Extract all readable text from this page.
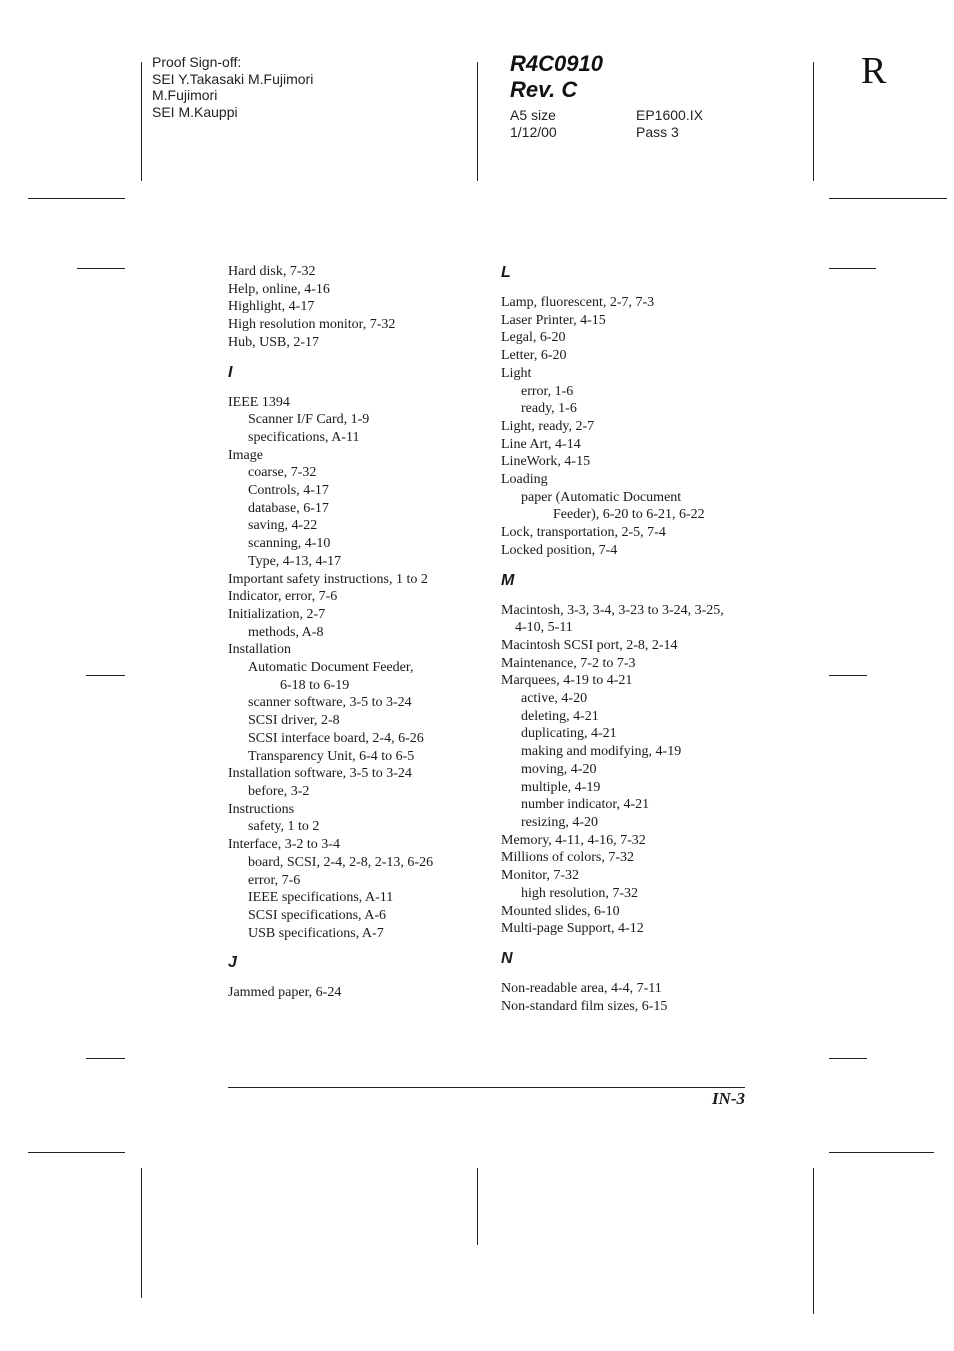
Proof Sign-off:
SEI Y.Takasaki M.Fujimori
M.Fujimori
SEI M.Kauppi
R4C0910
Rev. C
A5 size
1/12/00
EP1600.IX
Pass 3
R
Hard disk, 7-32
Help, online, 4-16
Highlight, 4-17
High resolution monitor, 7-32
Hub, USB, 2-17
I
IEEE 1394
Scanner I/F Card, 1-9
specifications, A-11
Image
coarse, 7-32
Controls, 4-17
database, 6-17
saving, 4-22
scanning, 4-10
Type, 4-13, 4-17
Important safety instructions, 1 to 2
Indicator, error, 7-6
Initialization, 2-7
methods, A-8
Installation
Automatic Document Feeder,
6-18 to 6-19
scanner software, 3-5 to 3-24
SCSI driver, 2-8
SCSI interface board, 2-4, 6-26
Transparency Unit, 6-4 to 6-5
Installation software, 3-5 to 3-24
before, 3-2
Instructions
safety, 1 to 2
Interface, 3-2 to 3-4
board, SCSI, 2-4, 2-8, 2-13, 6-26
error, 7-6
IEEE specifications, A-11
SCSI specifications, A-6
USB specifications, A-7
J
Jammed paper, 6-24
L
Lamp, fluorescent, 2-7, 7-3
Laser Printer, 4-15
Legal, 6-20
Letter, 6-20
Light
error, 1-6
ready, 1-6
Light, ready, 2-7
Line Art, 4-14
LineWork, 4-15
Loading
paper (Automatic Document
Feeder), 6-20 to 6-21, 6-22
Lock, transportation, 2-5, 7-4
Locked position, 7-4
M
Macintosh, 3-3, 3-4, 3-23 to 3-24, 3-25,
4-10, 5-11
Macintosh SCSI port, 2-8, 2-14
Maintenance, 7-2 to 7-3
Marquees, 4-19 to 4-21
active, 4-20
deleting, 4-21
duplicating, 4-21
making and modifying, 4-19
moving, 4-20
multiple, 4-19
number indicator, 4-21
resizing, 4-20
Memory, 4-11, 4-16, 7-32
Millions of colors, 7-32
Monitor, 7-32
high resolution, 7-32
Mounted slides, 6-10
Multi-page Support, 4-12
N
Non-readable area, 4-4, 7-11
Non-standard film sizes, 6-15
IN-3
